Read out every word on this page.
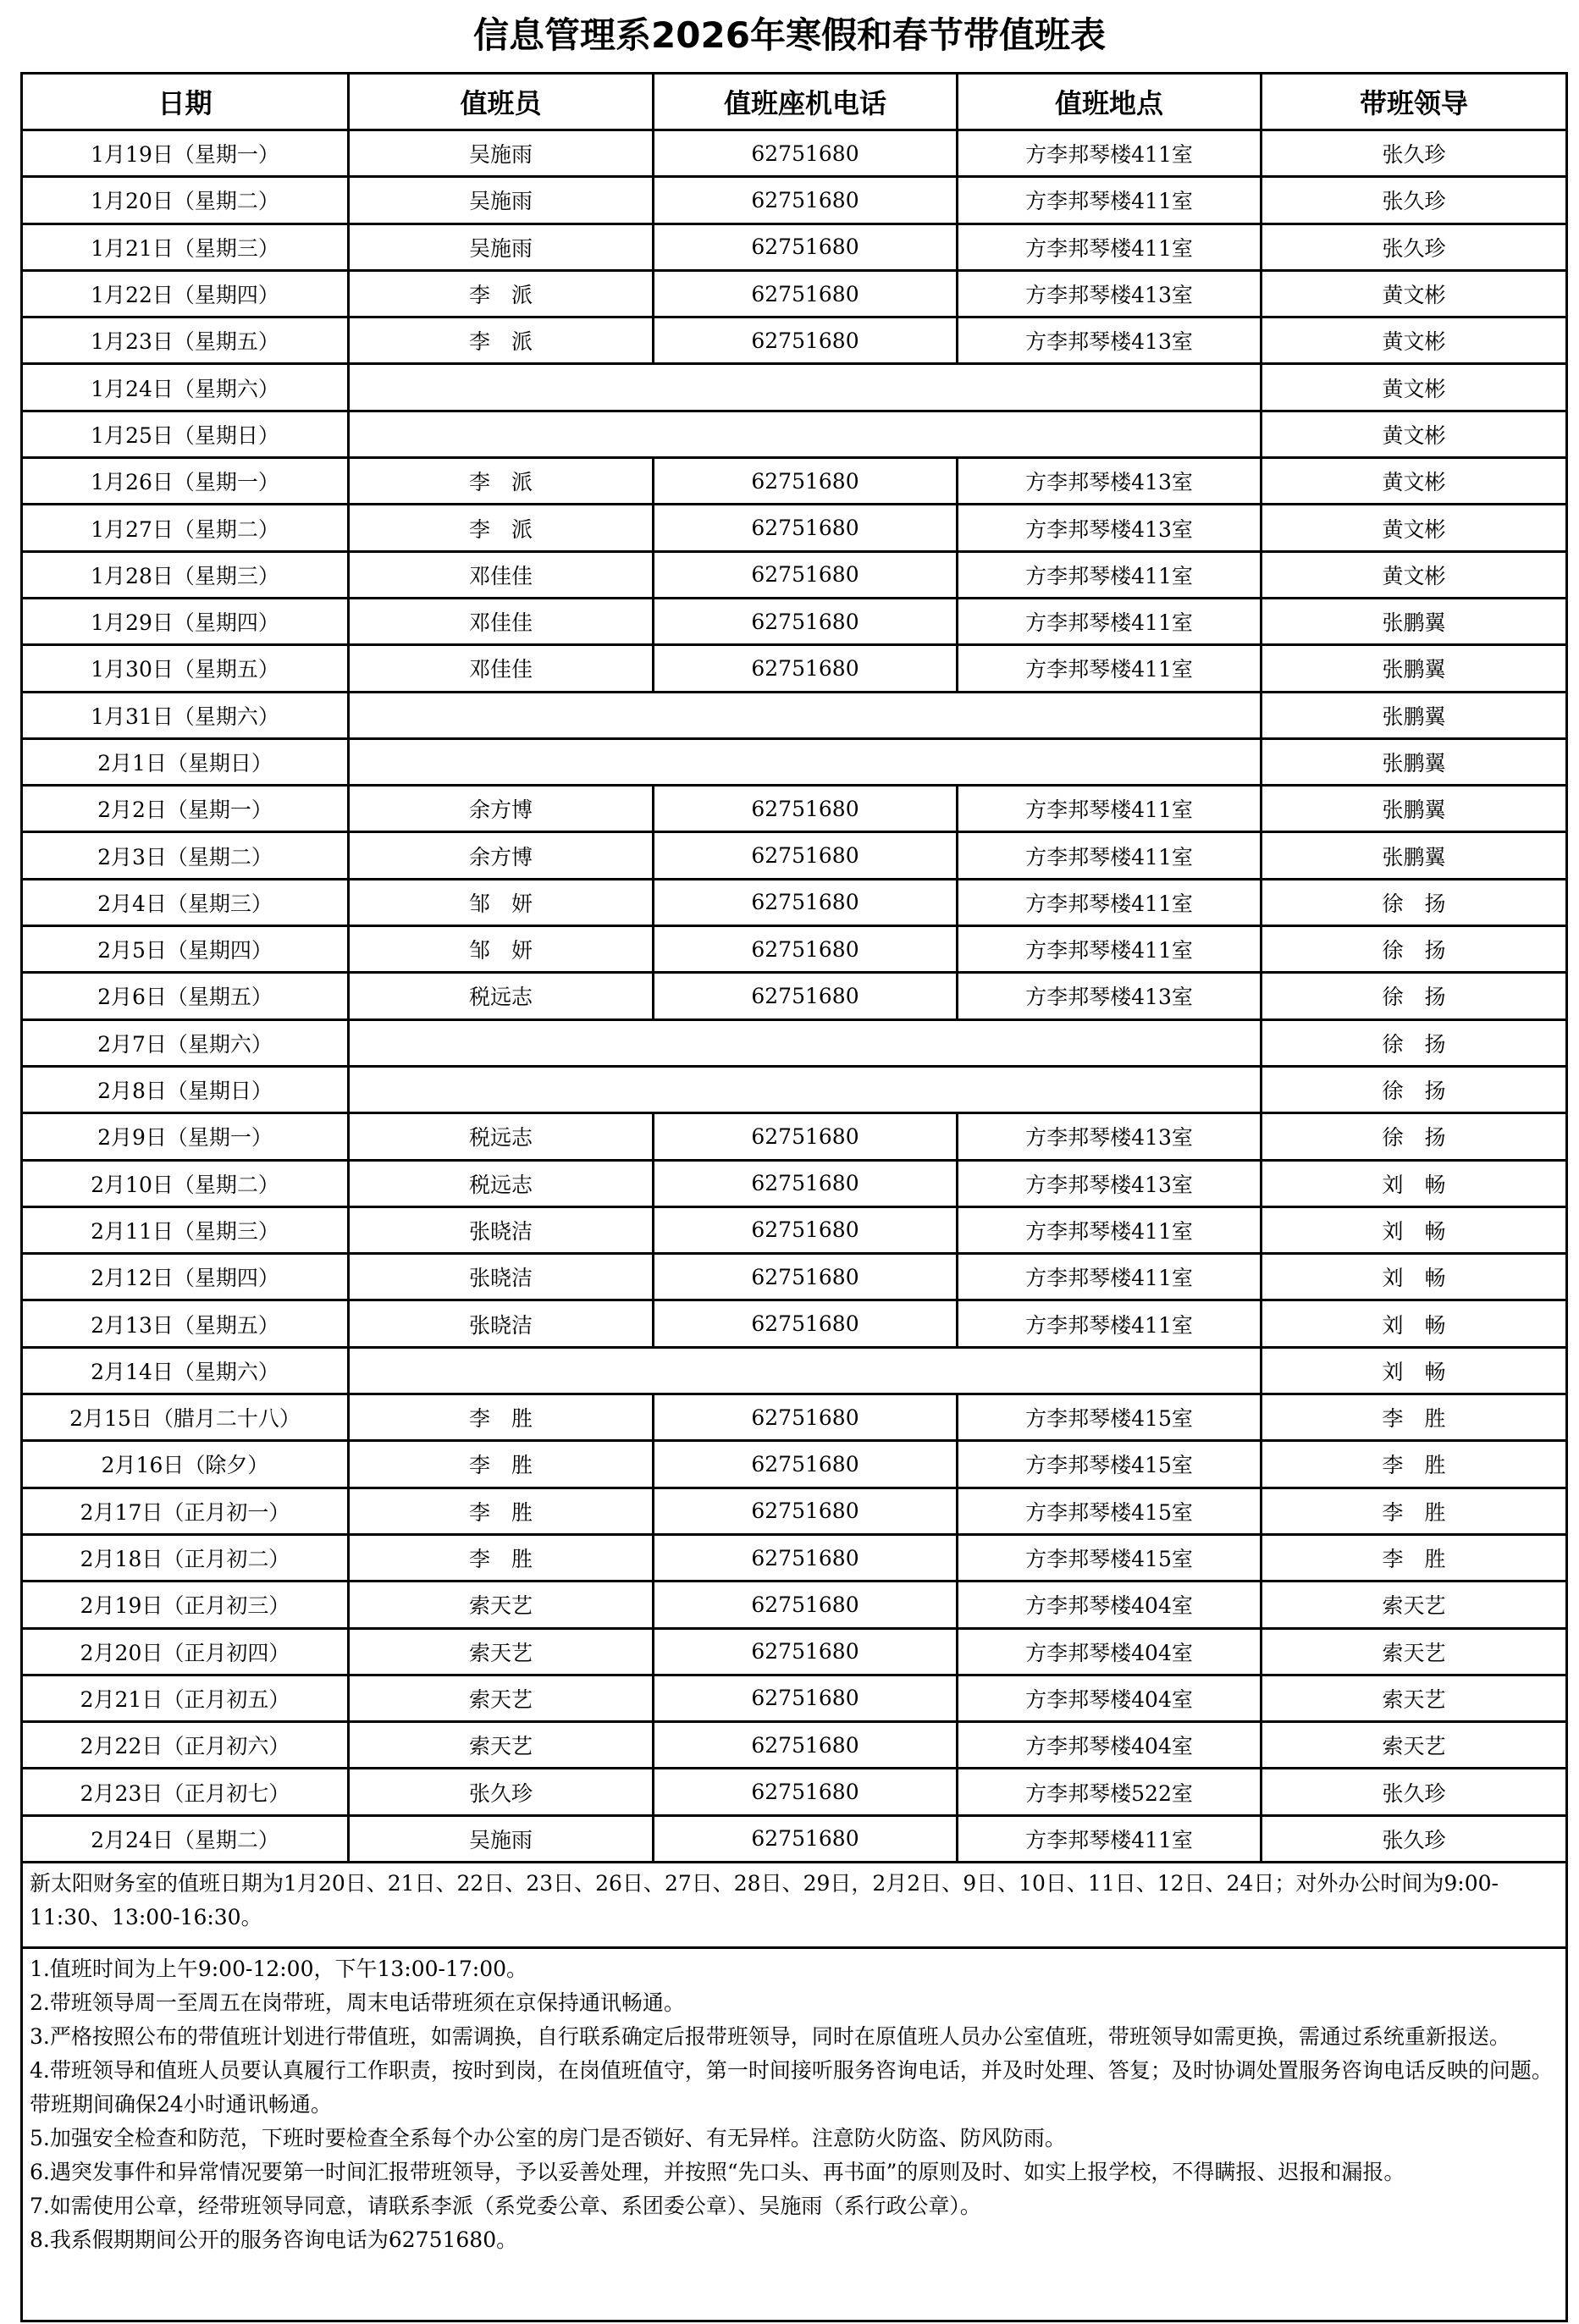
信息管理系2026年寒假和春节带值班表
日期	值班员	值班座机电话	值班地点	带班领导
1月19日（星期一）	吴施雨	62751680	方李邦琴楼411室	张久珍
1月20日（星期二）	吴施雨	62751680	方李邦琴楼411室	张久珍
1月21日（星期三）	吴施雨	62751680	方李邦琴楼411室	张久珍
1月22日（星期四）	李　派	62751680	方李邦琴楼413室	黄文彬
1月23日（星期五）	李　派	62751680	方李邦琴楼413室	黄文彬
1月24日（星期六）				黄文彬
1月25日（星期日）				黄文彬
1月26日（星期一）	李　派	62751680	方李邦琴楼413室	黄文彬
1月27日（星期二）	李　派	62751680	方李邦琴楼413室	黄文彬
1月28日（星期三）	邓佳佳	62751680	方李邦琴楼411室	黄文彬
1月29日（星期四）	邓佳佳	62751680	方李邦琴楼411室	张鹏翼
1月30日（星期五）	邓佳佳	62751680	方李邦琴楼411室	张鹏翼
1月31日（星期六）				张鹏翼
2月1日（星期日）				张鹏翼
2月2日（星期一）	余方博	62751680	方李邦琴楼411室	张鹏翼
2月3日（星期二）	余方博	62751680	方李邦琴楼411室	张鹏翼
2月4日（星期三）	邹　妍	62751680	方李邦琴楼411室	徐　扬
2月5日（星期四）	邹　妍	62751680	方李邦琴楼411室	徐　扬
2月6日（星期五）	税远志	62751680	方李邦琴楼413室	徐　扬
2月7日（星期六）				徐　扬
2月8日（星期日）				徐　扬
2月9日（星期一）	税远志	62751680	方李邦琴楼413室	徐　扬
2月10日（星期二）	税远志	62751680	方李邦琴楼413室	刘　畅
2月11日（星期三）	张晓洁	62751680	方李邦琴楼411室	刘　畅
2月12日（星期四）	张晓洁	62751680	方李邦琴楼411室	刘　畅
2月13日（星期五）	张晓洁	62751680	方李邦琴楼411室	刘　畅
2月14日（星期六）				刘　畅
2月15日（腊月二十八）	李　胜	62751680	方李邦琴楼415室	李　胜
2月16日（除夕）	李　胜	62751680	方李邦琴楼415室	李　胜
2月17日（正月初一）	李　胜	62751680	方李邦琴楼415室	李　胜
2月18日（正月初二）	李　胜	62751680	方李邦琴楼415室	李　胜
2月19日（正月初三）	索天艺	62751680	方李邦琴楼404室	索天艺
2月20日（正月初四）	索天艺	62751680	方李邦琴楼404室	索天艺
2月21日（正月初五）	索天艺	62751680	方李邦琴楼404室	索天艺
2月22日（正月初六）	索天艺	62751680	方李邦琴楼404室	索天艺
2月23日（正月初七）	张久珍	62751680	方李邦琴楼522室	张久珍
2月24日（星期二）	吴施雨	62751680	方李邦琴楼411室	张久珍
新太阳财务室的值班日期为1月20日、21日、22日、23日、26日、27日、28日、29日，2月2日、9日、10日、11日、12日、24日；对外办公时间为9:00-11:30、13:00-16:30。				

1.值班时间为上午9:00-12:00，下午13:00-17:00。
2.带班领导周一至周五在岗带班，周末电话带班须在京保持通讯畅通。
3.严格按照公布的带值班计划进行带值班，如需调换，自行联系确定后报带班领导，同时在原值班人员办公室值班，带班领导如需更换，需通过系统重新报送。
4.带班领导和值班人员要认真履行工作职责，按时到岗，在岗值班值守，第一时间接听服务咨询电话，并及时处理、答复；及时协调处置服务咨询电话反映的问题。带班期间确保24小时通讯畅通。
5.加强安全检查和防范，下班时要检查全系每个办公室的房门是否锁好、有无异样。注意防火防盗、防风防雨。
6.遇突发事件和异常情况要第一时间汇报带班领导，予以妥善处理，并按照“先口头、再书面”的原则及时、如实上报学校，不得瞒报、迟报和漏报。
7.如需使用公章，经带班领导同意，请联系李派（系党委公章、系团委公章）、吴施雨（系行政公章）。
8.我系假期期间公开的服务咨询电话为62751680。
